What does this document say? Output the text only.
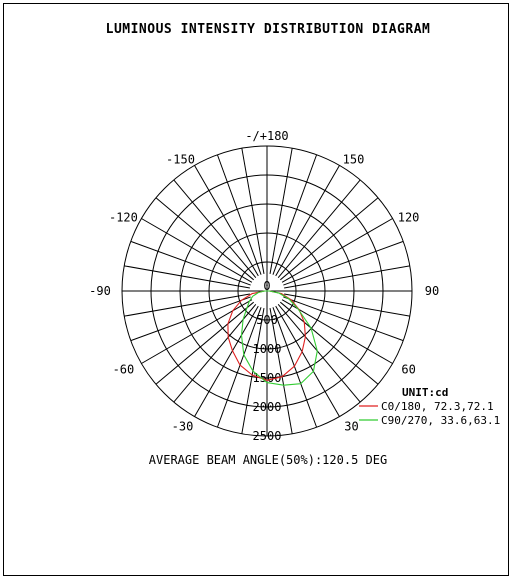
LUMINOUS INTENSITY DISTRIBUTION DIAGRAM
-/+180
150
120
90
60
30
-30
-60
-90
-120
-150
0
500
1000
1500
2000
2500
UNIT:cd
C0/180, 72.3,72.1
C90/270, 33.6,63.1
AVERAGE BEAM ANGLE(50%):120.5 DEG
